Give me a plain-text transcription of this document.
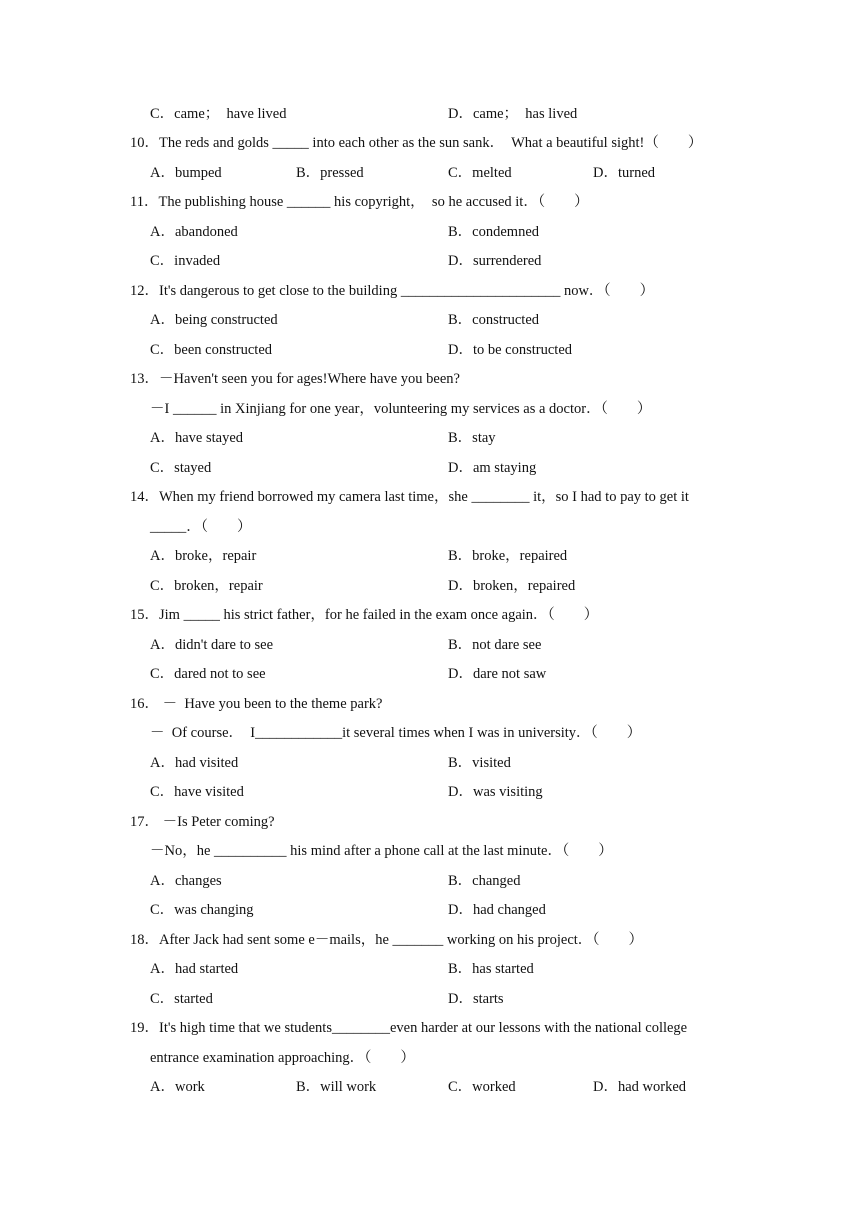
C．came；　have lived	D．came；　has lived
10．The reds and golds _____ into each other as the sun sank．  What a beautiful sight!（　　）
A．bumped	B．pressed	C．melted	D．turned
11．The publishing house ______ his copyright，  so he accused it．（　　）
A．abandoned	B．condemned
C．invaded	D．surrendered
12．It's dangerous to get close to the building ______________________ now．（　　）
A．being constructed	B．constructed
C．been constructed	D．to be constructed
13．－Haven't seen you for ages!Where have you been?
－I ______ in Xinjiang for one year，volunteering my services as a doctor．（　　）
A．have stayed	B．stay
C．stayed	D．am staying
14．When my friend borrowed my camera last time，she ________ it，so I had to pay to get it
_____．（　　）
A．broke，repair	B．broke，repaired
C．broken，repair	D．broken，repaired
15．Jim _____ his strict father，for he failed in the exam once again．（　　）
A．didn't dare to see	B．not dare see
C．dared not to see	D．dare not saw
16． －  Have you been to the theme park?
－  Of course．  I____________it several times when I was in university．（　　）
A．had visited	B．visited
C．have visited	D．was visiting
17． －Is Peter coming?
－No，he __________ his mind after a phone call at the last minute．（　　）
A．changes	B．changed
C．was changing	D．had changed
18．After Jack had sent some e－mails，he _______ working on his project．（　　）
A．had started	B．has started
C．started	D．starts
19．It's high time that we students________even harder at our lessons with the national college
entrance examination approaching．（　　）
A．work	B．will work	C．worked	D．had worked
